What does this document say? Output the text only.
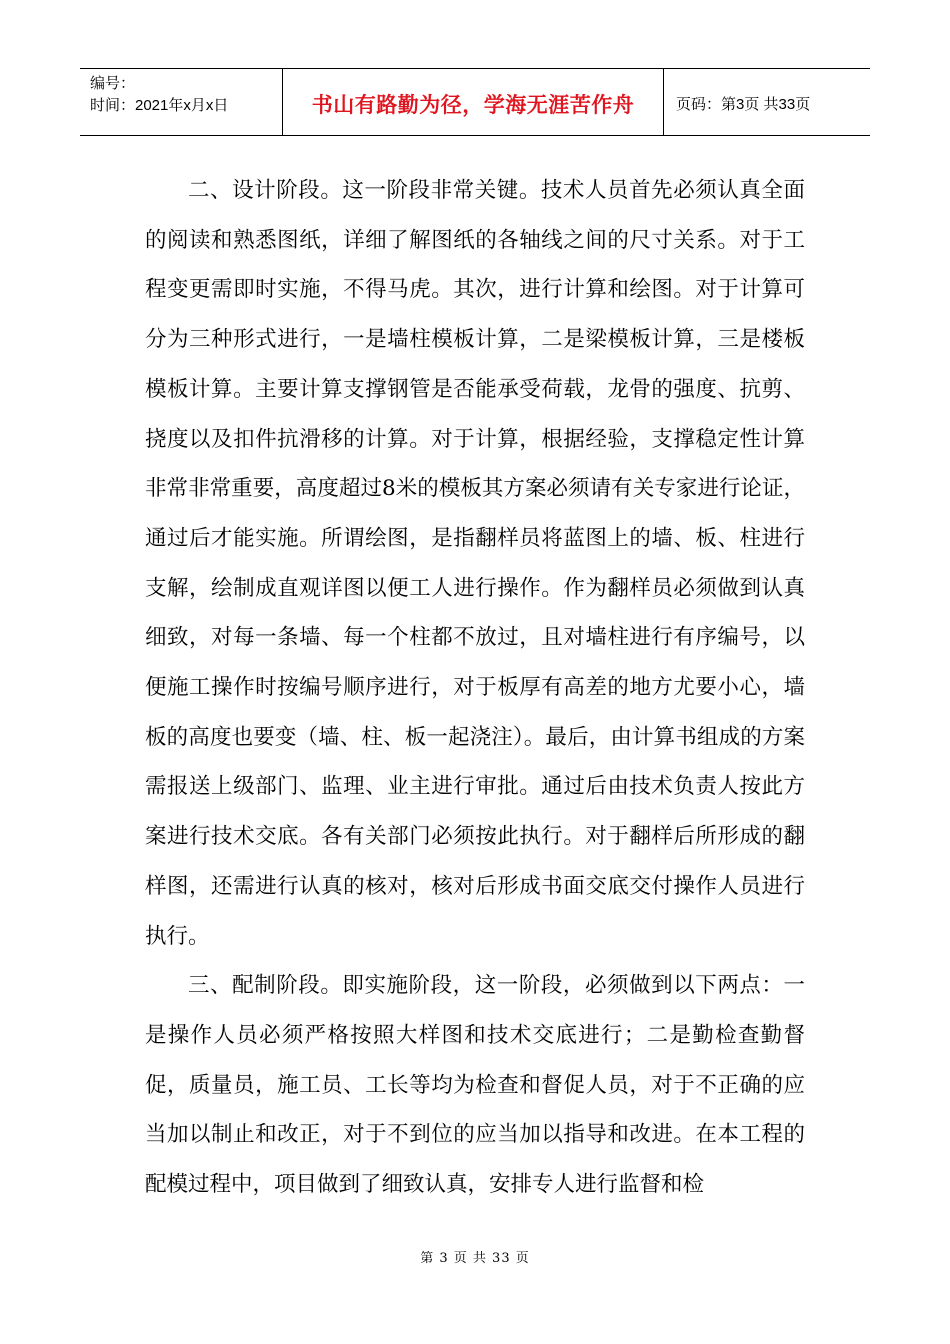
编号：
时间：2021年x月x日	书山有路勤为径，学海无涯苦作舟	页码：第3页 共33页

二、设计阶段。这一阶段非常关键。技术人员首先必须认真全面的阅读和熟悉图纸，详细了解图纸的各轴线之间的尺寸关系。对于工程变更需即时实施，不得马虎。其次，进行计算和绘图。对于计算可分为三种形式进行，一是墙柱模板计算，二是梁模板计算，三是楼板模板计算。主要计算支撑钢管是否能承受荷载，龙骨的强度、抗剪、挠度以及扣件抗滑移的计算。对于计算，根据经验，支撑稳定性计算非常非常重要，高度超过8米的模板其方案必须请有关专家进行论证，通过后才能实施。所谓绘图，是指翻样员将蓝图上的墙、板、柱进行支解，绘制成直观详图以便工人进行操作。作为翻样员必须做到认真细致，对每一条墙、每一个柱都不放过，且对墙柱进行有序编号，以便施工操作时按编号顺序进行，对于板厚有高差的地方尤要小心，墙板的高度也要变（墙、柱、板一起浇注）。最后，由计算书组成的方案需报送上级部门、监理、业主进行审批。通过后由技术负责人按此方案进行技术交底。各有关部门必须按此执行。对于翻样后所形成的翻样图，还需进行认真的核对，核对后形成书面交底交付操作人员进行执行。

三、配制阶段。即实施阶段，这一阶段，必须做到以下两点：一是操作人员必须严格按照大样图和技术交底进行；二是勤检查勤督促，质量员，施工员、工长等均为检查和督促人员，对于不正确的应当加以制止和改正，对于不到位的应当加以指导和改进。在本工程的配模过程中，项目做到了细致认真，安排专人进行监督和检

第 3 页 共 33 页
